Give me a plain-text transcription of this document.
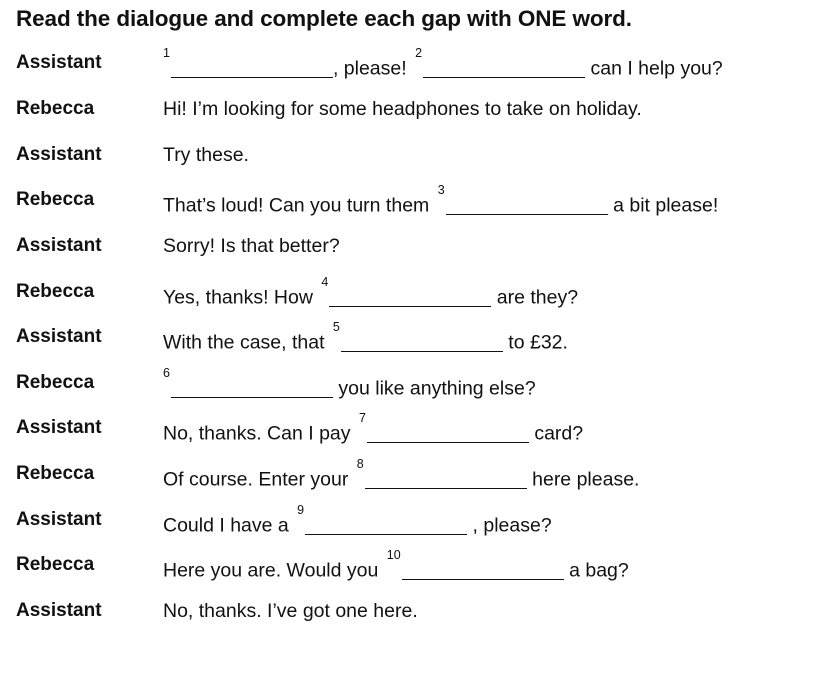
Read the dialogue and complete each gap with ONE word.
Assistant	$^1$, please! $^2$ can I help you?
Rebecca	Hi! I’m looking for some headphones to take on holiday.
Assistant	Try these.
Rebecca	That’s loud! Can you turn them $^3$ a bit please!
Assistant	Sorry! Is that better?
Rebecca	Yes, thanks! How $^4$ are they?
Assistant	With the case, that $^5$ to £32.
Rebecca	$^6$ you like anything else?
Assistant	No, thanks. Can I pay $^7$ card?
Rebecca	Of course. Enter your $^8$ here please.
Assistant	Could I have a $^9$ , please?
Rebecca	Here you are. Would you $^{10}$ a bag?
Assistant	No, thanks. I’ve got one here.
